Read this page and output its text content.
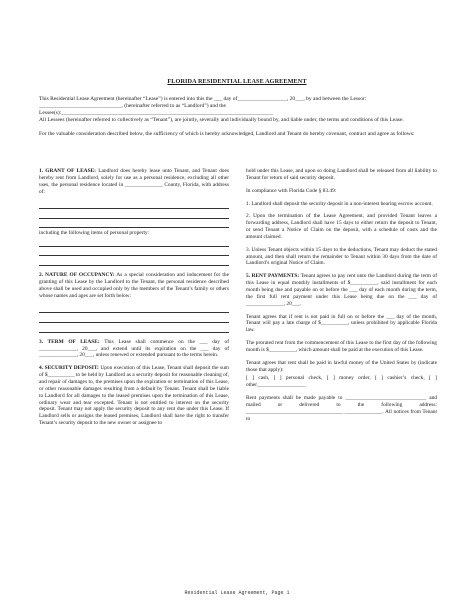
FLORIDA RESIDENTIAL LEASE AGREEMENT

This Residential Lease Agreement (hereinafter “Lease”) is entered into this the ___ day of__________________, 20___, by and between the Lessor: ______________________________, (hereinafter referred to as “Landlord”) and the Lessee(s):_____________________________________________________________________________

All Lessees (hereinafter referred to collectively as “Tenant”), are jointly, severally and individually bound by, and liable under, the terms and conditions of this Lease.

For the valuable consideration described below, the sufficiency of which is hereby acknowledged, Landlord and Tenant do hereby covenant, contract and agree as follows:

1. GRANT OF LEASE: Landlord does hereby lease unto Tenant, and Tenant does hereby rent from Landlord, solely for use as a personal residence, excluding all other uses, the personal residence located in ______________ County, Florida, with address of:

including the following items of personal property:

2. NATURE OF OCCUPANCY: As a special consideration and inducement for the granting of this Lease by the Landlord to the Tenant, the personal residence described above shall be used and occupied only by the members of the Tenant’s family or others whose names and ages are set forth below:

3. TERM OF LEASE: This Lease shall commence on the ___ day of ______________, 20___, and extend until its expiration on the ___ day of ______________, 20___, unless renewed or extended pursuant to the terms herein.

4. SECURITY DEPOSIT: Upon execution of this Lease, Tenant shall deposit the sum of $__________ to be held by Landlord as a security deposit for reasonable cleaning of, and repair of damages to, the premises upon the expiration or termination of this Lease, or other reasonable damages resulting from a default by Tenant. Tenant shall be liable to Landlord for all damages to the leased premises upon the termination of this Lease, ordinary wear and tear excepted. Tenant is not entitled to interest on the security deposit. Tenant may not apply the security deposit to any rent due under this Lease. If Landlord sells or assigns the leased premises, Landlord shall have the right to transfer Tenant’s security deposit to the new owner or assignee to

hold under this Lease, and upon so doing Landlord shall be released from all liability to Tenant for return of said security deposit.

In compliance with Florida Code § 83.49:

1. Landlord shall deposit the security deposit in a non-interest bearing escrow account.

2. Upon the termination of the Lease Agreement, and provided Tenant leaves a forwarding address, Landlord shall have 15 days to either return the deposit to Tenant, or send Tenant a Notice of Claim on the deposit, with a schedule of costs and the amount claimed.

3. Unless Tenant objects within 15 days to the deductions, Tenant may deduct the stated amount, and then shall return the remainder to Tenant within 30 days from the date of Landlord’s original Notice of Claim.

5. RENT PAYMENTS: Tenant agrees to pay rent unto the Landlord during the term of this Lease in equal monthly installments of $__________, said installment for each month being due and payable on or before the ___ day of each month during the term, the first full rent payment under this Lease being due on the ___ day of ______________, 20___.

Tenant agrees that if rent is not paid in full on or before the ___ day of the month, Tenant will pay a late charge of $__________, unless prohibited by applicable Florida law.

The prorated rent from the commencement of this Lease to the first day of the following month is $__________, which amount shall be paid at the execution of this Lease.

Tenant agrees that rent shall be paid in lawful money of the United States by (indicate those that apply):

[ ] cash, [ ] personal check, [ ] money order, [ ] cashier’s check, [ ] other__________________

Rent payments shall be made payable to ______________________________ and mailed or delivered to the following address: ____________________________________ ______________. All notices from Tenant to

Residential Lease Agreement, Page 1
